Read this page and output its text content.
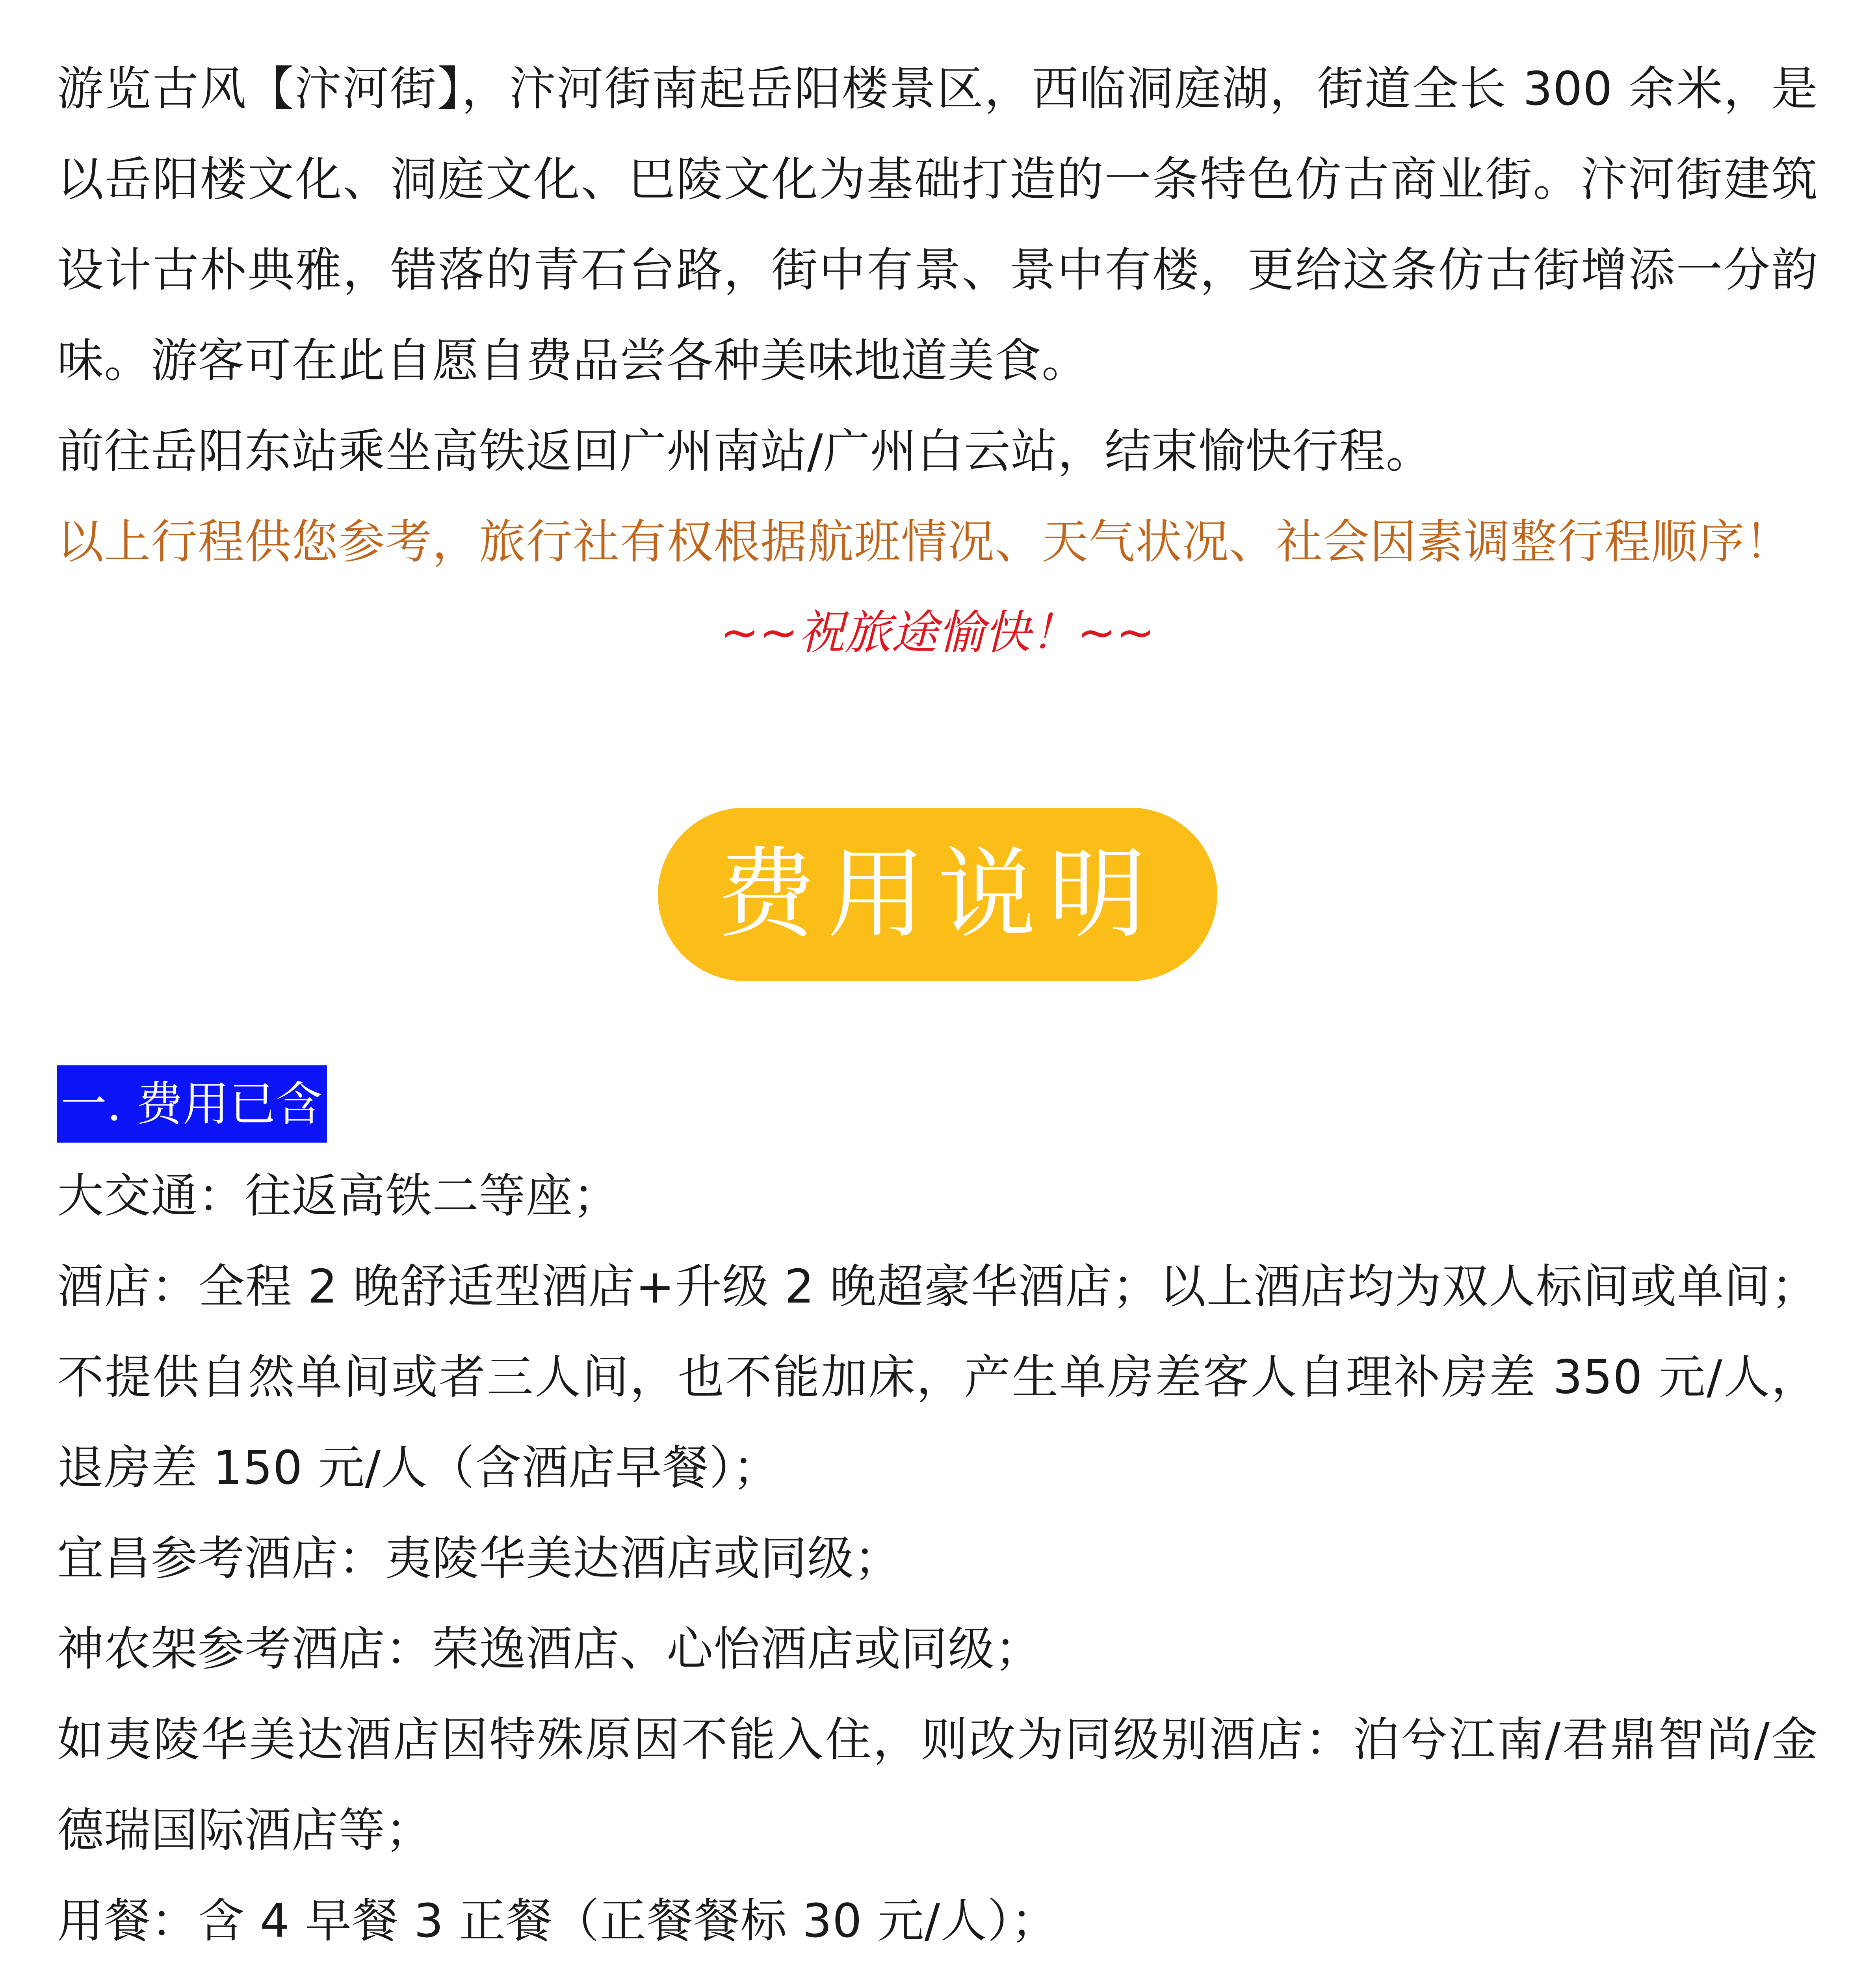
游览古风【汴河街】，汴河街南起岳阳楼景区，西临洞庭湖，街道全长 300 余米，是以岳阳楼文化、洞庭文化、巴陵文化为基础打造的一条特色仿古商业街。汴河街建筑设计古朴典雅，错落的青石台路，街中有景、景中有楼，更给这条仿古街增添一分韵味。游客可在此自愿自费品尝各种美味地道美食。

前往岳阳东站乘坐高铁返回广州南站/广州白云站，结束愉快行程。

以上行程供您参考，旅行社有权根据航班情况、天气状况、社会因素调整行程顺序！

~~祝旅途愉快！~~

费用说明
一. 费用已含

大交通：往返高铁二等座；

酒店：全程 2 晚舒适型酒店+升级 2 晚超豪华酒店；以上酒店均为双人标间或单间；不提供自然单间或者三人间，也不能加床，产生单房差客人自理补房差 350 元/人，退房差 150 元/人（含酒店早餐）；

宜昌参考酒店：夷陵华美达酒店或同级；

神农架参考酒店：荣逸酒店、心怡酒店或同级；

如夷陵华美达酒店因特殊原因不能入住，则改为同级别酒店：泊兮江南/君鼎智尚/金德瑞国际酒店等；

用餐：含 4 早餐 3 正餐（正餐餐标 30 元/人）；
